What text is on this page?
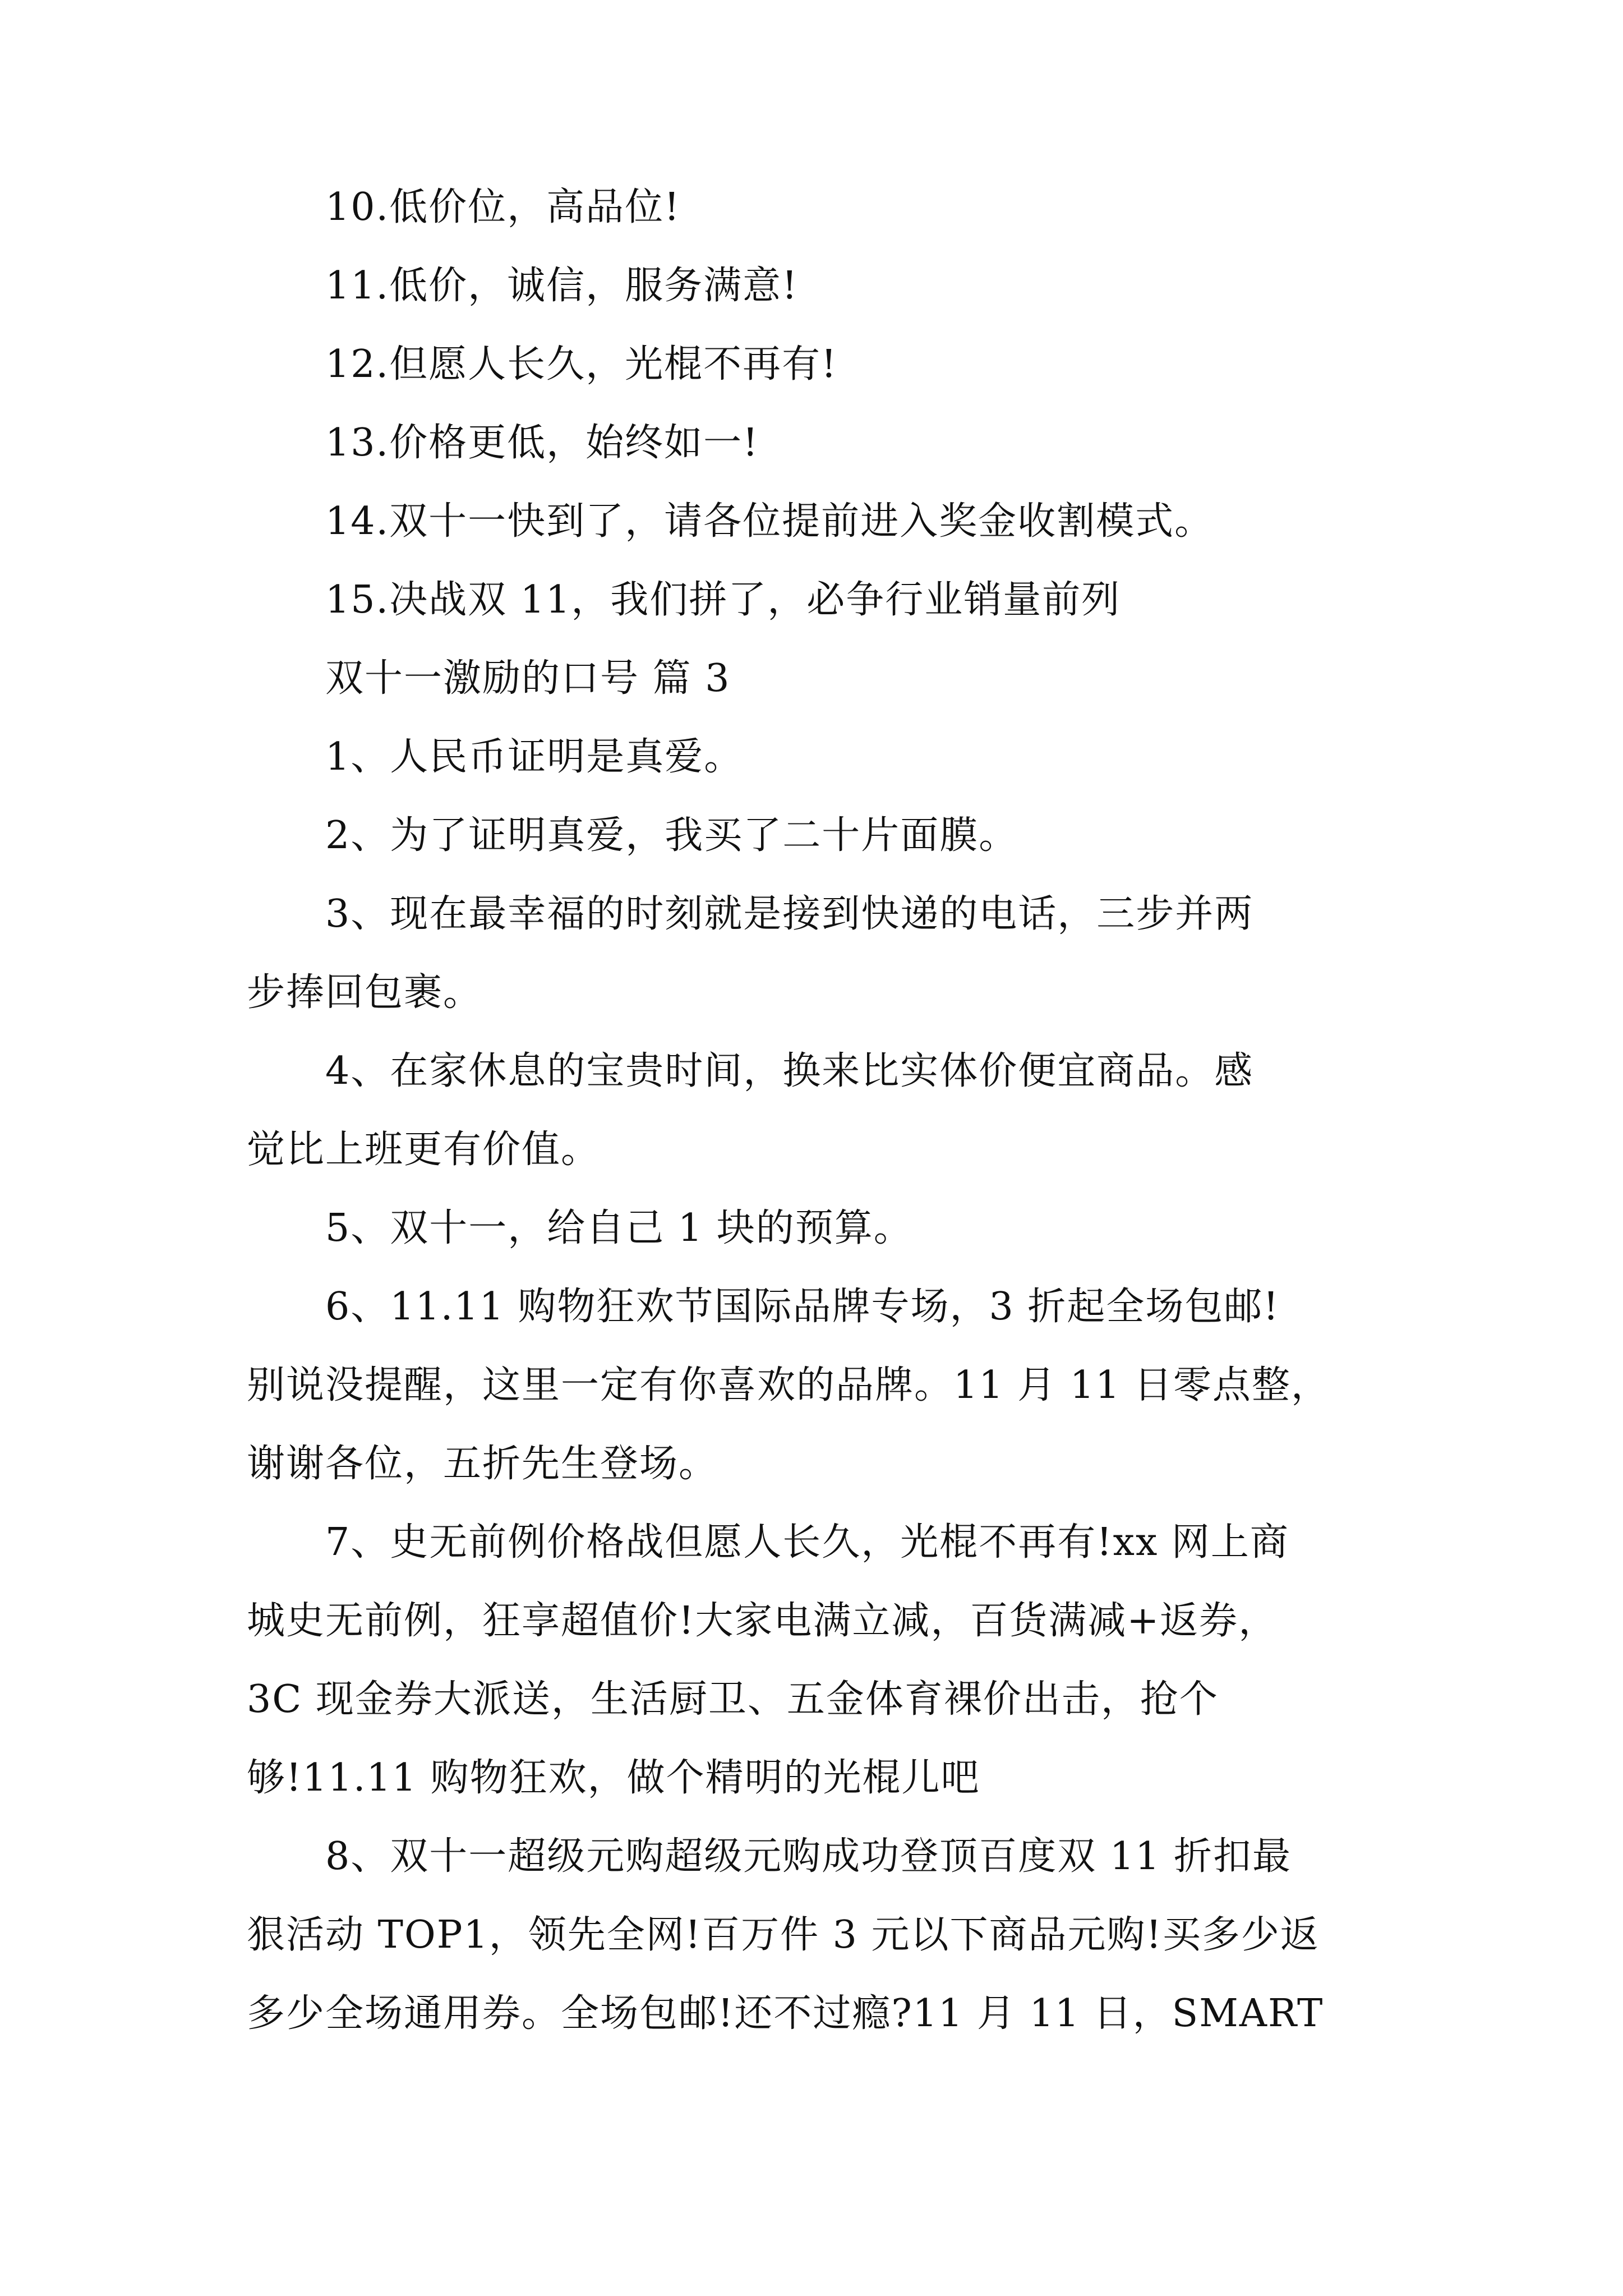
10.低价位，高品位!
11.低价，诚信，服务满意!
12.但愿人长久，光棍不再有!
13.价格更低，始终如一!
14.双十一快到了，请各位提前进入奖金收割模式。
15.决战双 11，我们拼了，必争行业销量前列
双十一激励的口号 篇 3
1、人民币证明是真爱。
2、为了证明真爱，我买了二十片面膜。
3、现在最幸福的时刻就是接到快递的电话，三步并两
步捧回包裹。
4、在家休息的宝贵时间，换来比实体价便宜商品。感
觉比上班更有价值。
5、双十一，给自己 1 块的预算。
6、11.11 购物狂欢节国际品牌专场，3 折起全场包邮!
别说没提醒，这里一定有你喜欢的品牌。11 月 11 日零点整，
谢谢各位，五折先生登场。
7、史无前例价格战但愿人长久，光棍不再有!xx 网上商
城史无前例，狂享超值价!大家电满立减，百货满减+返券，
3C 现金券大派送，生活厨卫、五金体育裸价出击，抢个
够!11.11 购物狂欢，做个精明的光棍儿吧
8、双十一超级元购超级元购成功登顶百度双 11 折扣最
狠活动 TOP1，领先全网!百万件 3 元以下商品元购!买多少返
多少全场通用券。全场包邮!还不过瘾?11 月 11 日，SMART
